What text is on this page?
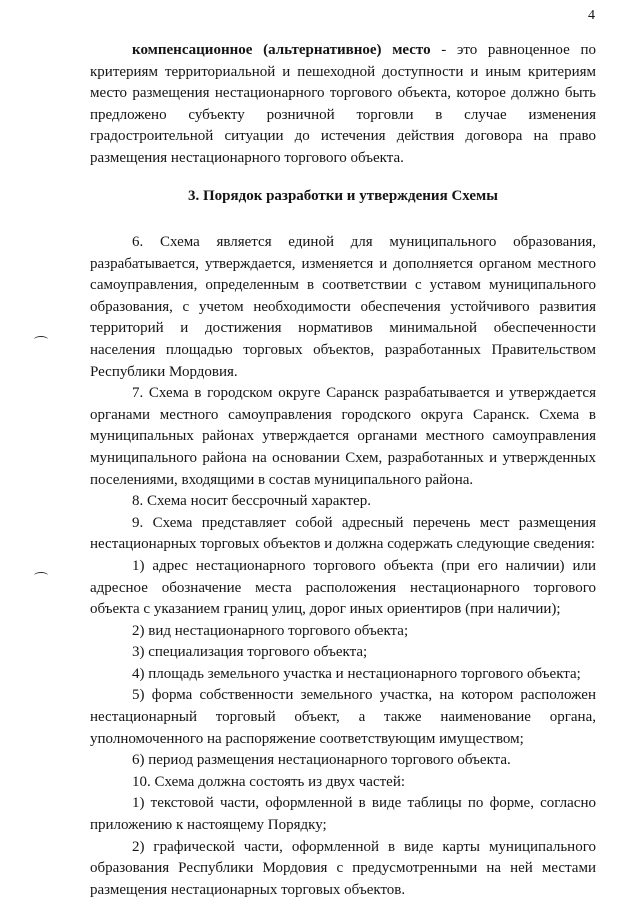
4

компенсационное (альтернативное) место - это равноценное по критериям территориальной и пешеходной доступности и иным критериям место размещения нестационарного торгового объекта, которое должно быть предложено субъекту розничной торговли в случае изменения градостроительной ситуации до истечения действия договора на право размещения нестационарного торгового объекта.

3. Порядок разработки и утверждения Схемы

6. Схема является единой для муниципального образования, разрабатывается, утверждается, изменяется и дополняется органом местного самоуправления, определенным в соответствии с уставом муниципального образования, с учетом необходимости обеспечения устойчивого развития территорий и достижения нормативов минимальной обеспеченности населения площадью торговых объектов, разработанных Правительством Республики Мордовия.

7. Схема в городском округе Саранск разрабатывается и утверждается органами местного самоуправления городского округа Саранск. Схема в муниципальных районах утверждается органами местного самоуправления муниципального района на основании Схем, разработанных и утвержденных поселениями, входящими в состав муниципального района.

8. Схема носит бессрочный характер.

9. Схема представляет собой адресный перечень мест размещения нестационарных торговых объектов и должна содержать следующие сведения:

1) адрес нестационарного торгового объекта (при его наличии) или адресное обозначение места расположения нестационарного торгового объекта с указанием границ улиц, дорог иных ориентиров (при наличии);

2) вид нестационарного торгового объекта;

3) специализация торгового объекта;

4) площадь земельного участка и нестационарного торгового объекта;

5) форма собственности земельного участка, на котором расположен нестационарный торговый объект, а также наименование органа, уполномоченного на распоряжение соответствующим имуществом;

6) период размещения нестационарного торгового объекта.

10. Схема должна состоять из двух частей:

1) текстовой части, оформленной в виде таблицы по форме, согласно приложению к настоящему Порядку;

2) графической части, оформленной в виде карты муниципального образования Республики Мордовия с предусмотренными на ней местами размещения нестационарных торговых объектов.
